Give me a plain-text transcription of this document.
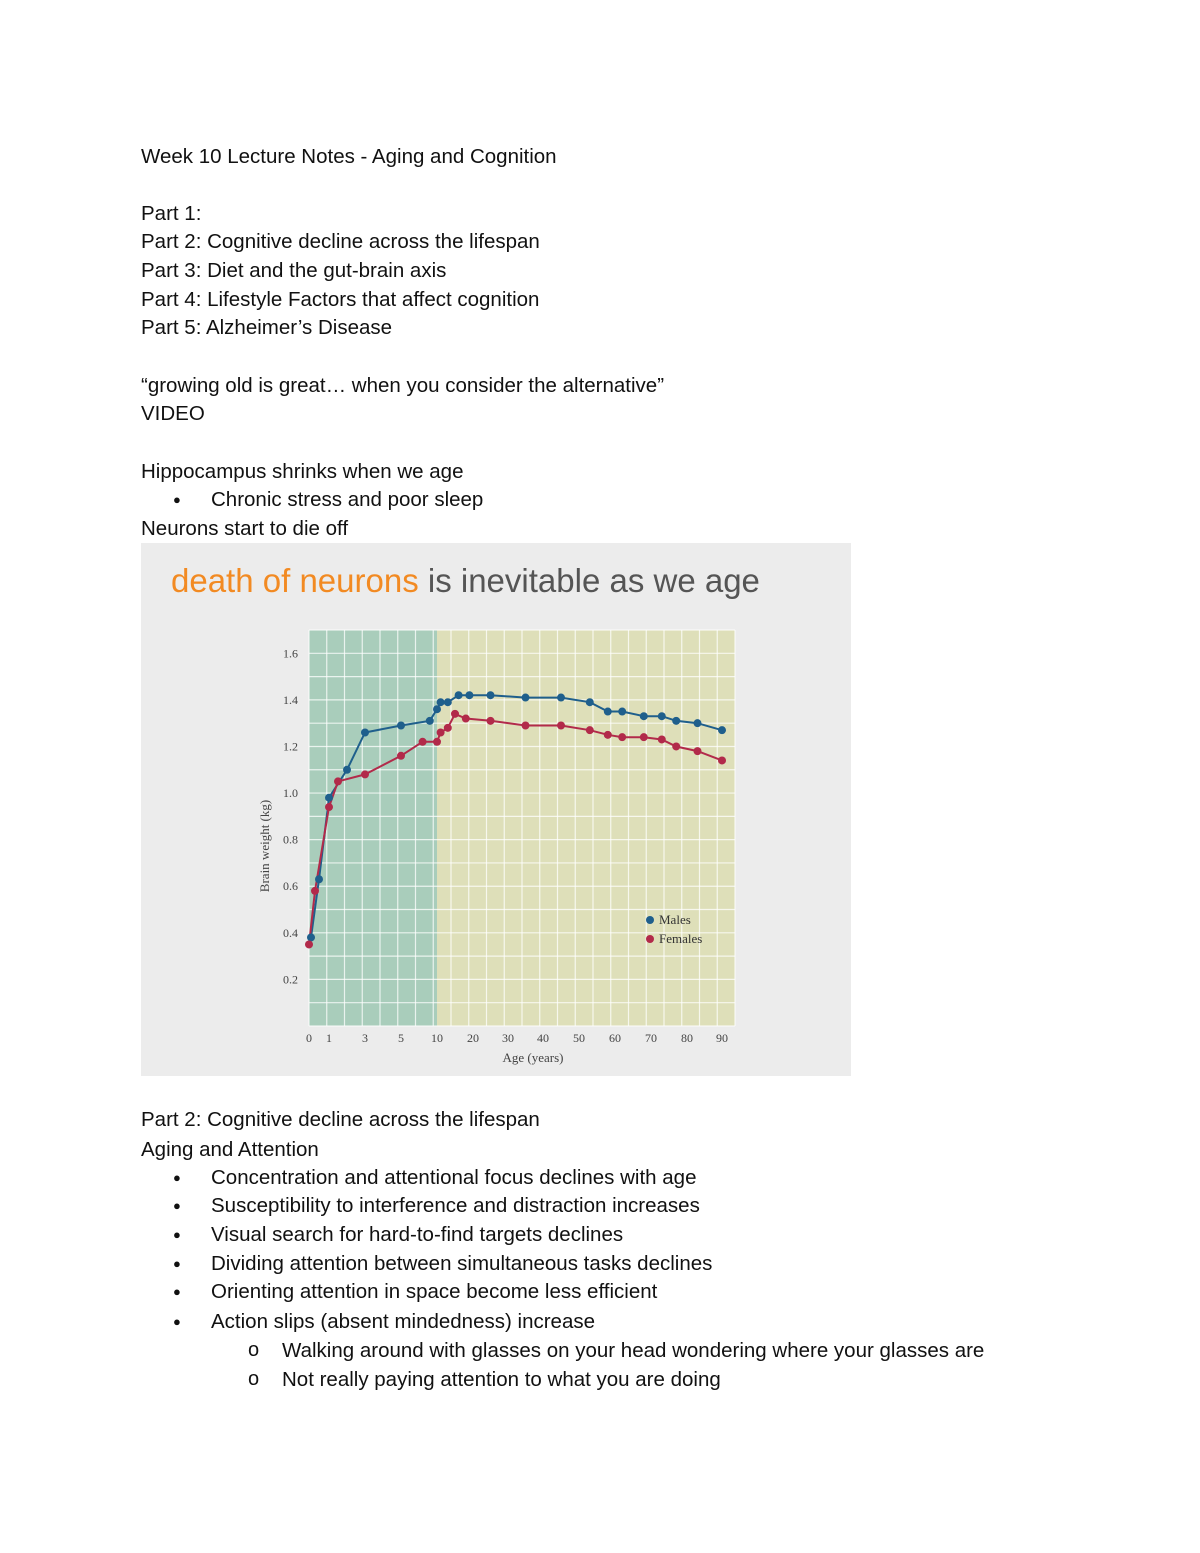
Week 10 Lecture Notes - Aging and Cognition
Part 1:
Part 2: Cognitive decline across the lifespan
Part 3: Diet and the gut-brain axis
Part 4: Lifestyle Factors that affect cognition
Part 5: Alzheimer’s Disease
“growing old is great… when you consider the alternative”
VIDEO
Hippocampus shrinks when we age
● Chronic stress and poor sleep
Neurons start to die off
death of neurons is inevitable as we age
0.2
0.4
0.6
0.8
1.0
1.2
1.4
1.6
0 1	3	5 10 20 30 40 50 60 70 80 90
Males
Females
Age (years)
Brain weight (kg)
Part 2: Cognitive decline across the lifespan
Aging and Attention
● Concentration and attentional focus declines with age
● Susceptibility to interference and distraction increases
● Visual search for hard-to-find targets declines
● Dividing attention between simultaneous tasks declines
● Orienting attention in space become less efficient
● Action slips (absent mindedness) increase
o Walking around with glasses on your head wondering where your glasses are
o Not really paying attention to what you are doing
